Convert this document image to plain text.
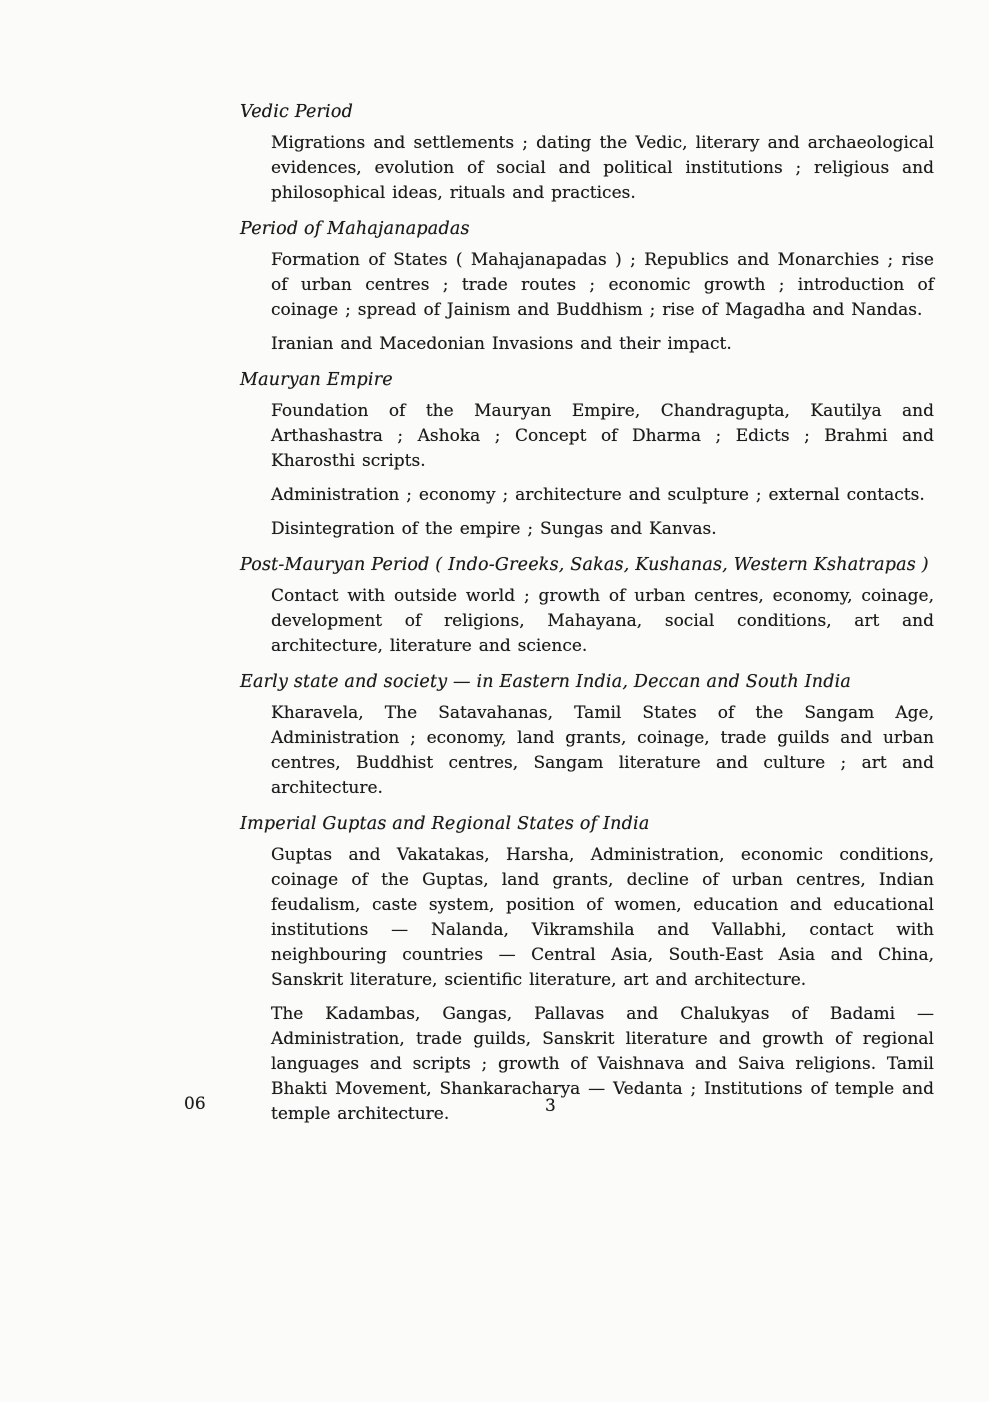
Vedic Period

Migrations and settlements ; dating the Vedic, literary and archaeological evidences, evolution of social and political institutions ; religious and philosophical ideas, rituals and practices.

Period of Mahajanapadas

Formation of States ( Mahajanapadas ) ; Republics and Monarchies ; rise of urban centres ; trade routes ; economic growth ; introduction of coinage ; spread of Jainism and Buddhism ; rise of Magadha and Nandas.

Iranian and Macedonian Invasions and their impact.

Mauryan Empire

Foundation of the Mauryan Empire, Chandragupta, Kautilya and Arthashastra ; Ashoka ; Concept of Dharma ; Edicts ; Brahmi and Kharosthi scripts.

Administration ; economy ; architecture and sculpture ; external contacts.

Disintegration of the empire ; Sungas and Kanvas.

Post-Mauryan Period ( Indo-Greeks, Sakas, Kushanas, Western Kshatrapas )

Contact with outside world ; growth of urban centres, economy, coinage, development of religions, Mahayana, social conditions, art and architecture, literature and science.

Early state and society — in Eastern India, Deccan and South India

Kharavela, The Satavahanas, Tamil States of the Sangam Age, Administration ; economy, land grants, coinage, trade guilds and urban centres, Buddhist centres, Sangam literature and culture ; art and architecture.

Imperial Guptas and Regional States of India

Guptas and Vakatakas, Harsha, Administration, economic conditions, coinage of the Guptas, land grants, decline of urban centres, Indian feudalism, caste system, position of women, education and educational institutions — Nalanda, Vikramshila and Vallabhi, contact with neighbouring countries — Central Asia, South-East Asia and China, Sanskrit literature, scientific literature, art and architecture.

The Kadambas, Gangas, Pallavas and Chalukyas of Badami — Administration, trade guilds, Sanskrit literature and growth of regional languages and scripts ; growth of Vaishnava and Saiva religions. Tamil Bhakti Movement, Shankaracharya — Vedanta ; Institutions of temple and temple architecture.

06	3
